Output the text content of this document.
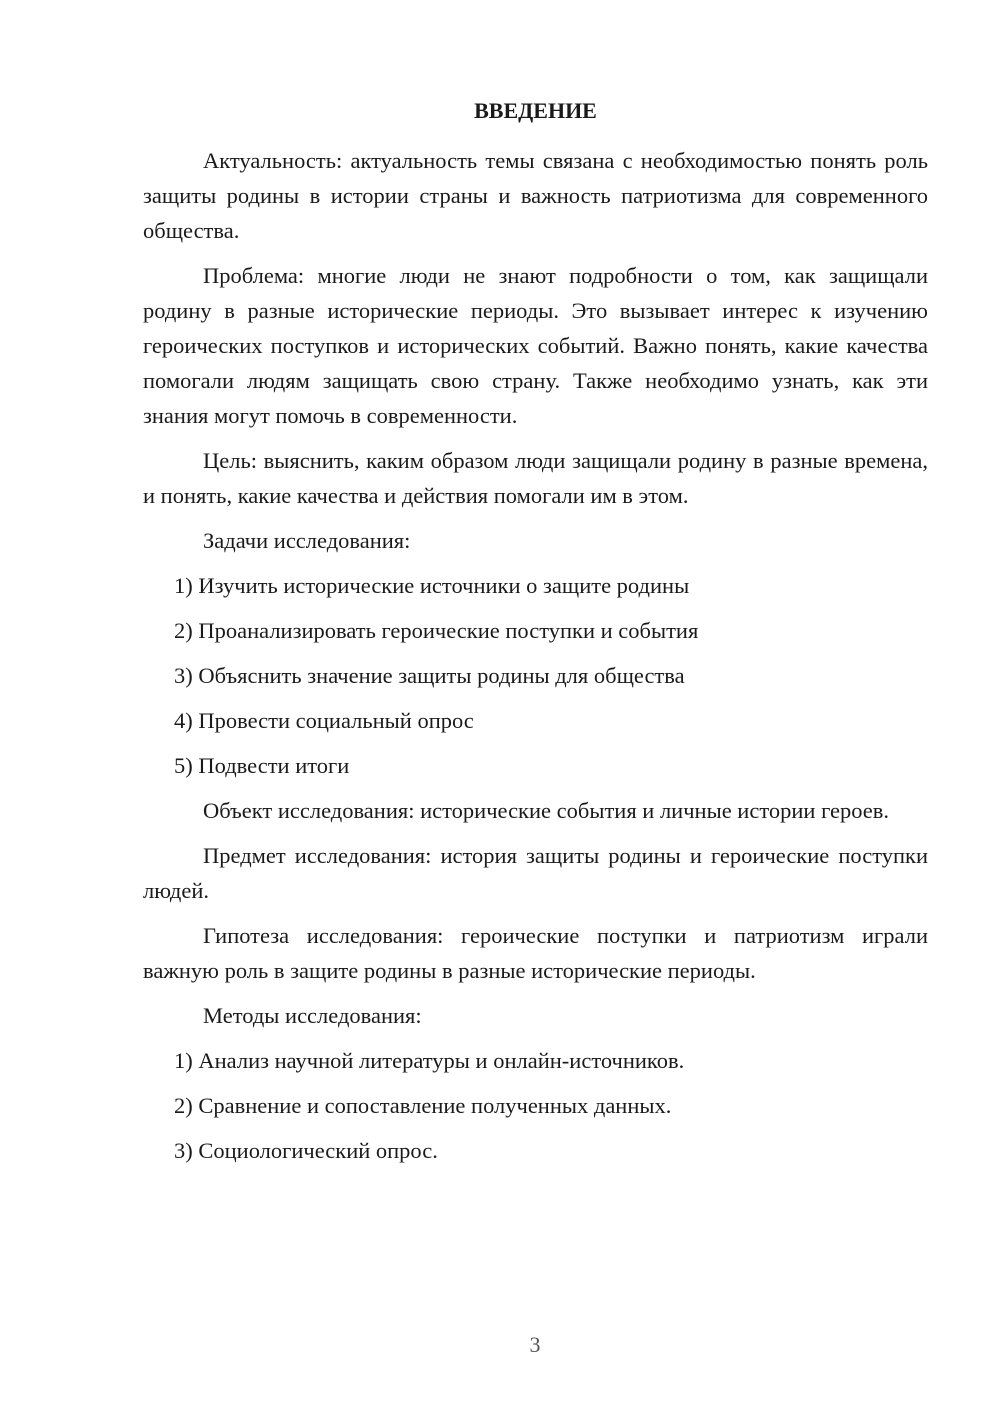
ВВЕДЕНИЕ

Актуальность: актуальность темы связана с необходимостью понять роль защиты родины в истории страны и важность патриотизма для современного общества.

Проблема: многие люди не знают подробности о том, как защищали родину в разные исторические периоды. Это вызывает интерес к изучению героических поступков и исторических событий. Важно понять, какие качества помогали людям защищать свою страну. Также необходимо узнать, как эти знания могут помочь в современности.

Цель: выяснить, каким образом люди защищали родину в разные времена, и понять, какие качества и действия помогали им в этом.

Задачи исследования:
1) Изучить исторические источники о защите родины
2) Проанализировать героические поступки и события
3) Объяснить значение защиты родины для общества
4) Провести социальный опрос
5) Подвести итоги

Объект исследования: исторические события и личные истории героев.

Предмет исследования: история защиты родины и героические поступки людей.

Гипотеза исследования: героические поступки и патриотизм играли важную роль в защите родины в разные исторические периоды.

Методы исследования:
1) Анализ научной литературы и онлайн-источников.
2) Сравнение и сопоставление полученных данных.
3) Социологический опрос.
3
